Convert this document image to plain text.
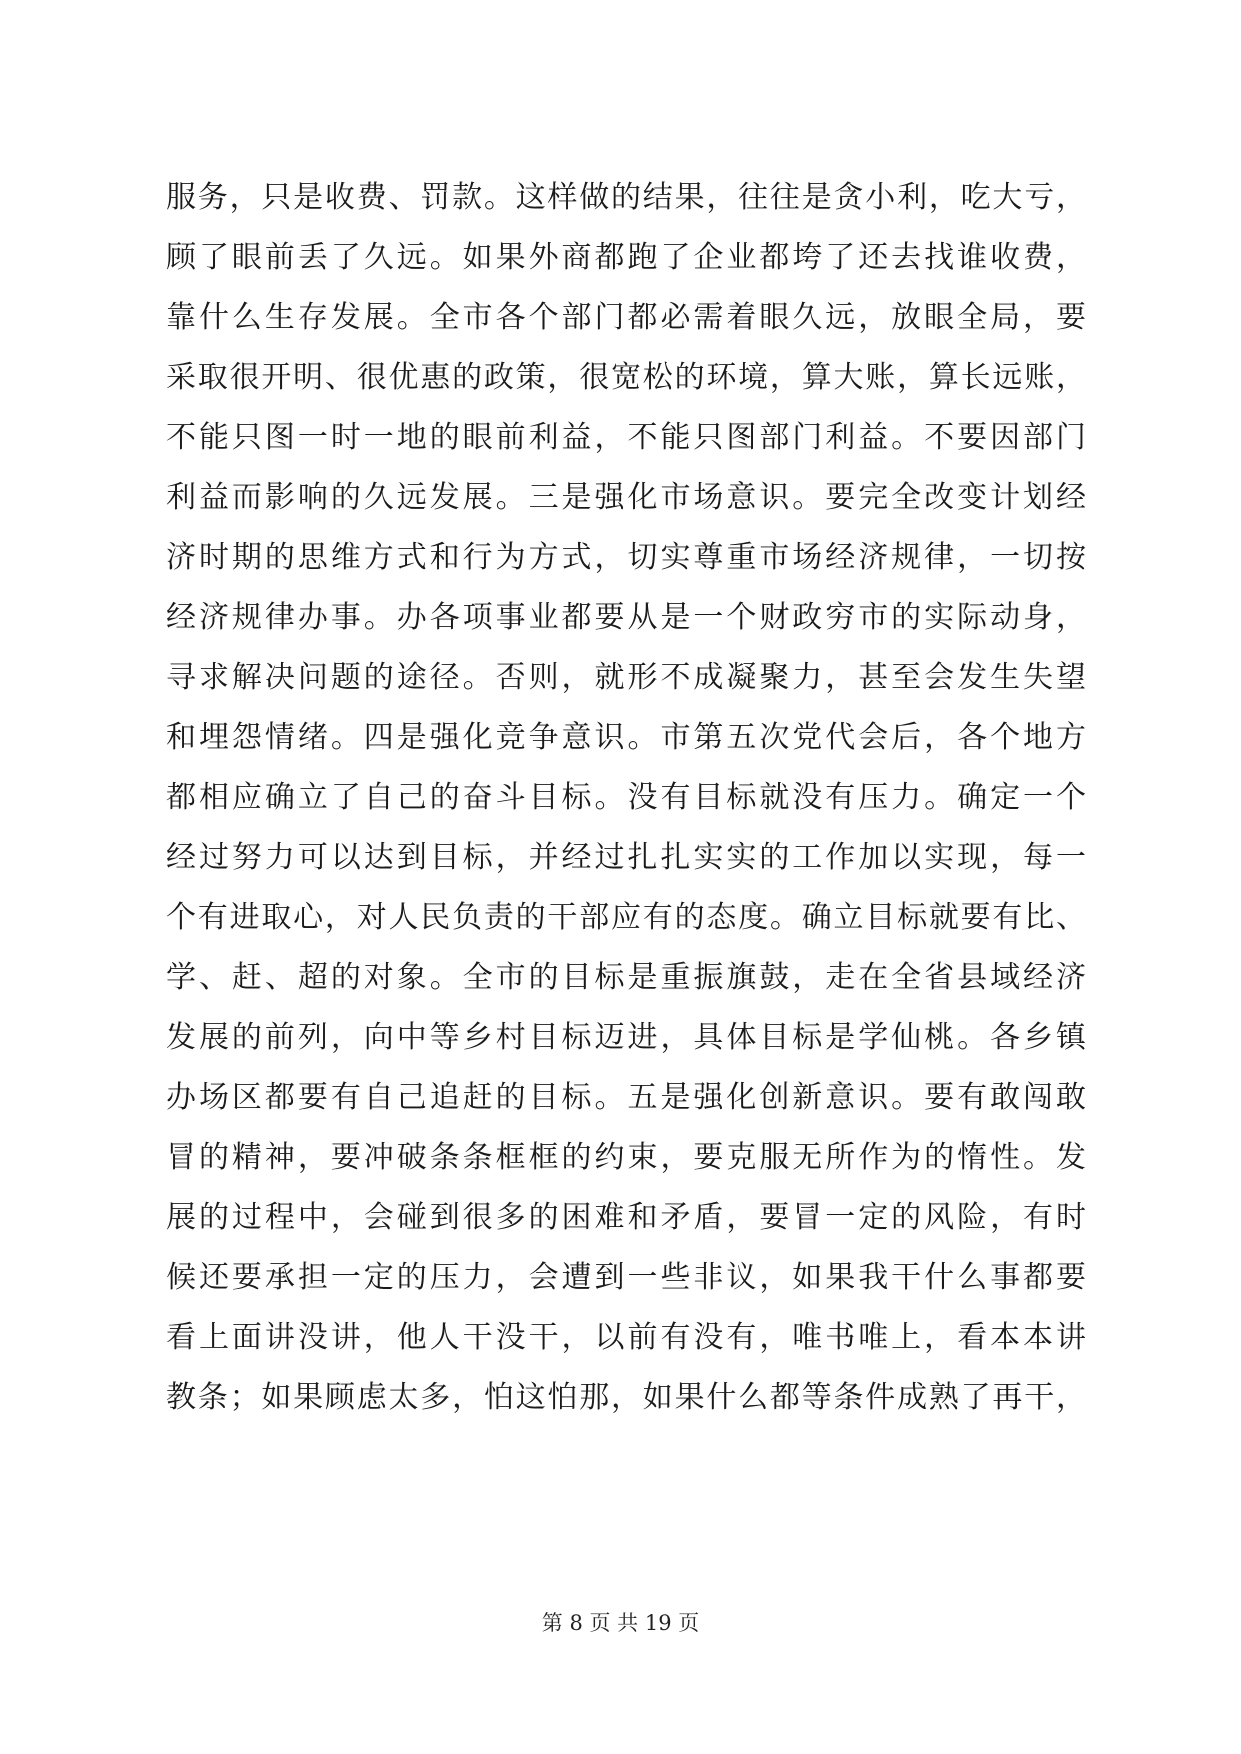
服务，只是收费、罚款。这样做的结果，往往是贪小利，吃大亏，
顾了眼前丢了久远。如果外商都跑了企业都垮了还去找谁收费，
靠什么生存发展。全市各个部门都必需着眼久远，放眼全局，要
采取很开明、很优惠的政策，很宽松的环境，算大账，算长远账，
不能只图一时一地的眼前利益，不能只图部门利益。不要因部门
利益而影响的久远发展。三是强化市场意识。要完全改变计划经
济时期的思维方式和行为方式，切实尊重市场经济规律，一切按
经济规律办事。办各项事业都要从是一个财政穷市的实际动身，
寻求解决问题的途径。否则，就形不成凝聚力，甚至会发生失望
和埋怨情绪。四是强化竞争意识。市第五次党代会后，各个地方
都相应确立了自己的奋斗目标。没有目标就没有压力。确定一个
经过努力可以达到目标，并经过扎扎实实的工作加以实现，每一
个有进取心，对人民负责的干部应有的态度。确立目标就要有比、
学、赶、超的对象。全市的目标是重振旗鼓，走在全省县域经济
发展的前列，向中等乡村目标迈进，具体目标是学仙桃。各乡镇
办场区都要有自己追赶的目标。五是强化创新意识。要有敢闯敢
冒的精神，要冲破条条框框的约束，要克服无所作为的惰性。发
展的过程中，会碰到很多的困难和矛盾，要冒一定的风险，有时
候还要承担一定的压力，会遭到一些非议，如果我干什么事都要
看上面讲没讲，他人干没干，以前有没有，唯书唯上，看本本讲
教条；如果顾虑太多，怕这怕那，如果什么都等条件成熟了再干，
第 8 页 共 19 页
